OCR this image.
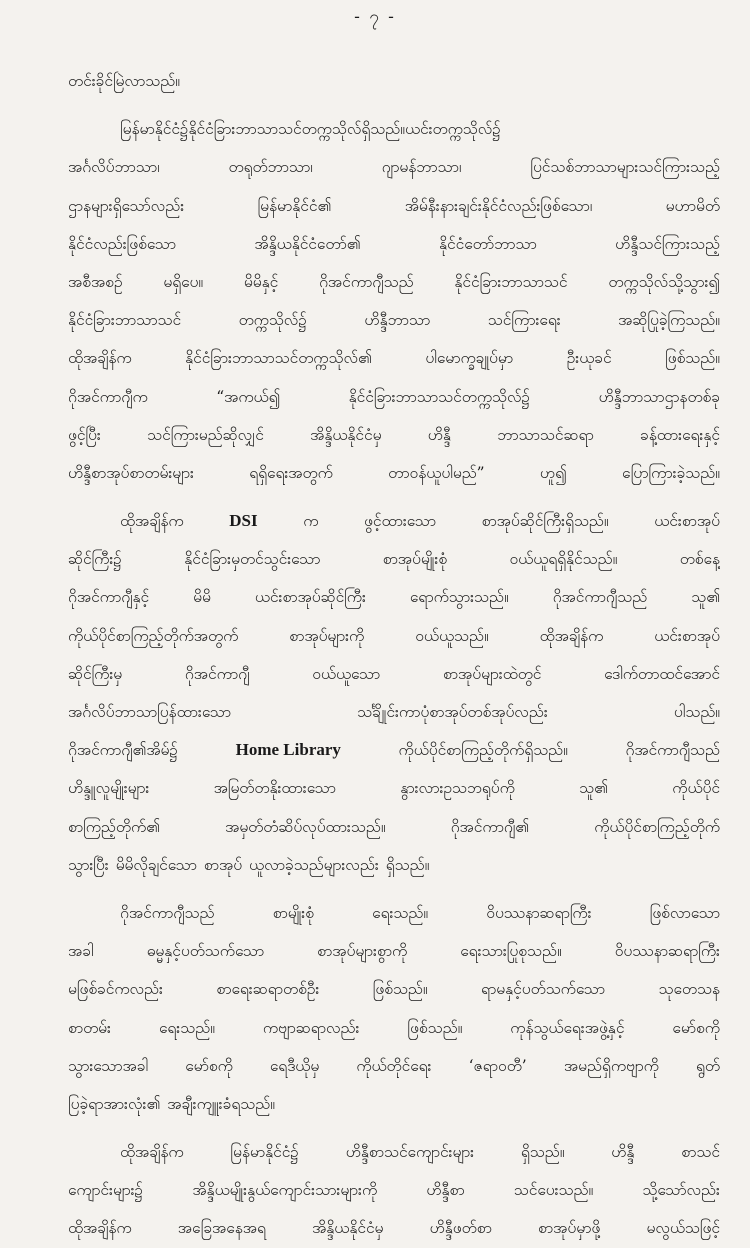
- ၇ -
တင်းခိုင်မြဲလာသည်။
မြန်မာနိုင်ငံ၌ နိုင်ငံခြားဘာသာသင် တက္ကသိုလ်ရှိသည်။ ယင်း တက္ကသိုလ်၌
အင်္ဂလိပ်ဘာသာ၊	တရုတ်ဘာသာ၊	ဂျာမန်ဘာသာ၊	ပြင်သစ်ဘာသာများသင်ကြားသည့်
ဌာနများရှိသော်လည်း	မြန်မာနိုင်ငံ၏	အိမ်နီးနားချင်းနိုင်ငံလည်းဖြစ်သော၊	မဟာမိတ်
နိုင်ငံလည်းဖြစ်သော	အိန္ဒိယနိုင်ငံတော်၏	နိုင်ငံတော်ဘာသာ	ဟိန္ဒီသင်ကြားသည့်
အစီအစဉ်	မရှိပေ။	မိမိနှင့်	ဂိုအင်ကာဂျီသည်	နိုင်ငံခြားဘာသာသင်	တက္ကသိုလ်သို့သွား၍
နိုင်ငံခြားဘာသာသင်	တက္ကသိုလ်၌	ဟိန္ဒီဘာသာ	သင်ကြားရေး	အဆိုပြုခဲ့ကြသည်။
ထိုအချိန်က	နိုင်ငံခြားဘာသာသင်တက္ကသိုလ်၏	ပါမောက္ခချုပ်မှာ	ဦးယုခင်	ဖြစ်သည်။
ဂိုအင်ကာဂျီက	“အကယ်၍	နိုင်ငံခြားဘာသာသင်တက္ကသိုလ်၌	ဟိန္ဒီဘာသာဌာနတစ်ခု
ဖွင့်ပြီး	သင်ကြားမည်ဆိုလျှင်	အိန္ဒိယနိုင်ငံမှ	ဟိန္ဒီ	ဘာသာသင်ဆရာ	ခန့်ထားရေးနှင့်
ဟိန္ဒီစာအုပ်စာတမ်းများ	ရရှိရေးအတွက်	တာဝန်ယူပါမည်”	ဟူ၍	ပြောကြားခဲ့သည်။
ထိုအချိန်က	DSI	က	ဖွင့်ထားသော	စာအုပ်ဆိုင်ကြီးရှိသည်။	ယင်းစာအုပ်
ဆိုင်ကြီး၌	နိုင်ငံခြားမှတင်သွင်းသော	စာအုပ်မျိုးစုံ	ဝယ်ယူရရှိနိုင်သည်။	တစ်နေ့
ဂိုအင်ကာဂျီနှင့်	မိမိ	ယင်းစာအုပ်ဆိုင်ကြီး	ရောက်သွားသည်။	ဂိုအင်ကာဂျီသည်	သူ၏
ကိုယ်ပိုင်စာကြည့်တိုက်အတွက်	စာအုပ်များကို	ဝယ်ယူသည်။	ထိုအချိန်က	ယင်းစာအုပ်
ဆိုင်ကြီးမှ	ဂိုအင်ကာဂျီ	ဝယ်ယူသော	စာအုပ်များထဲတွင်	ဒေါက်တာထင်အောင်
အင်္ဂလိပ်ဘာသာပြန်ထားသော	သင်္ချိုင်းကာပုံစာအုပ်တစ်အုပ်လည်း	ပါသည်။
ဂိုအင်ကာဂျီ၏အိမ်၌	Home Library	ကိုယ်ပိုင်စာကြည့်တိုက်ရှိသည်။	ဂိုအင်ကာဂျီသည်
ဟိန္ဒူလူမျိုးများ	အမြတ်တနိုးထားသော	နွားလားဥသဘရုပ်ကို	သူ၏	ကိုယ်ပိုင်
စာကြည့်တိုက်၏	အမှတ်တံဆိပ်လုပ်ထားသည်။	ဂိုအင်ကာဂျီ၏	ကိုယ်ပိုင်စာကြည့်တိုက်
သွားပြီး မိမိလိုချင်သော စာအုပ် ယူလာခဲ့သည်များလည်း ရှိသည်။
ဂိုအင်ကာဂျီသည်	စာမျိုးစုံ	ရေးသည်။	ဝိပဿနာဆရာကြီး	ဖြစ်လာသော
အခါ	ဓမ္မနှင့်ပတ်သက်သော	စာအုပ်များစွာကို	ရေးသားပြုစုသည်။	ဝိပဿနာဆရာကြီး
မဖြစ်ခင်ကလည်း	စာရေးဆရာတစ်ဦး	ဖြစ်သည်။	ရာမနှင့်ပတ်သက်သော	သုတေသန
စာတမ်း	ရေးသည်။	ကဗျာဆရာလည်း	ဖြစ်သည်။	ကုန်သွယ်ရေးအဖွဲ့နှင့်	မော်စကို
သွားသောအခါ မော်စကို ရေဒီယိုမှ ကိုယ်တိုင်ရေး ‘ဇရာဝတီ’ အမည်ရှိကဗျာကို ရွတ်
ပြခဲ့ရာအားလုံး၏ အချီးကျူးခံရသည်။
ထိုအချိန်က	မြန်မာနိုင်ငံ၌	ဟိန္ဒီစာသင်ကျောင်းများ	ရှိသည်။	ဟိန္ဒီ	စာသင်
ကျောင်းများ၌	အိန္ဒိယမျိုးနွယ်ကျောင်းသားများကို	ဟိန္ဒီစာ	သင်ပေးသည်။	သို့သော်လည်း
ထိုအချိန်က	အခြေအနေအရ	အိန္ဒိယနိုင်ငံမှ	ဟိန္ဒီဖတ်စာ	စာအုပ်မှာဖို့	မလွယ်သဖြင့်
